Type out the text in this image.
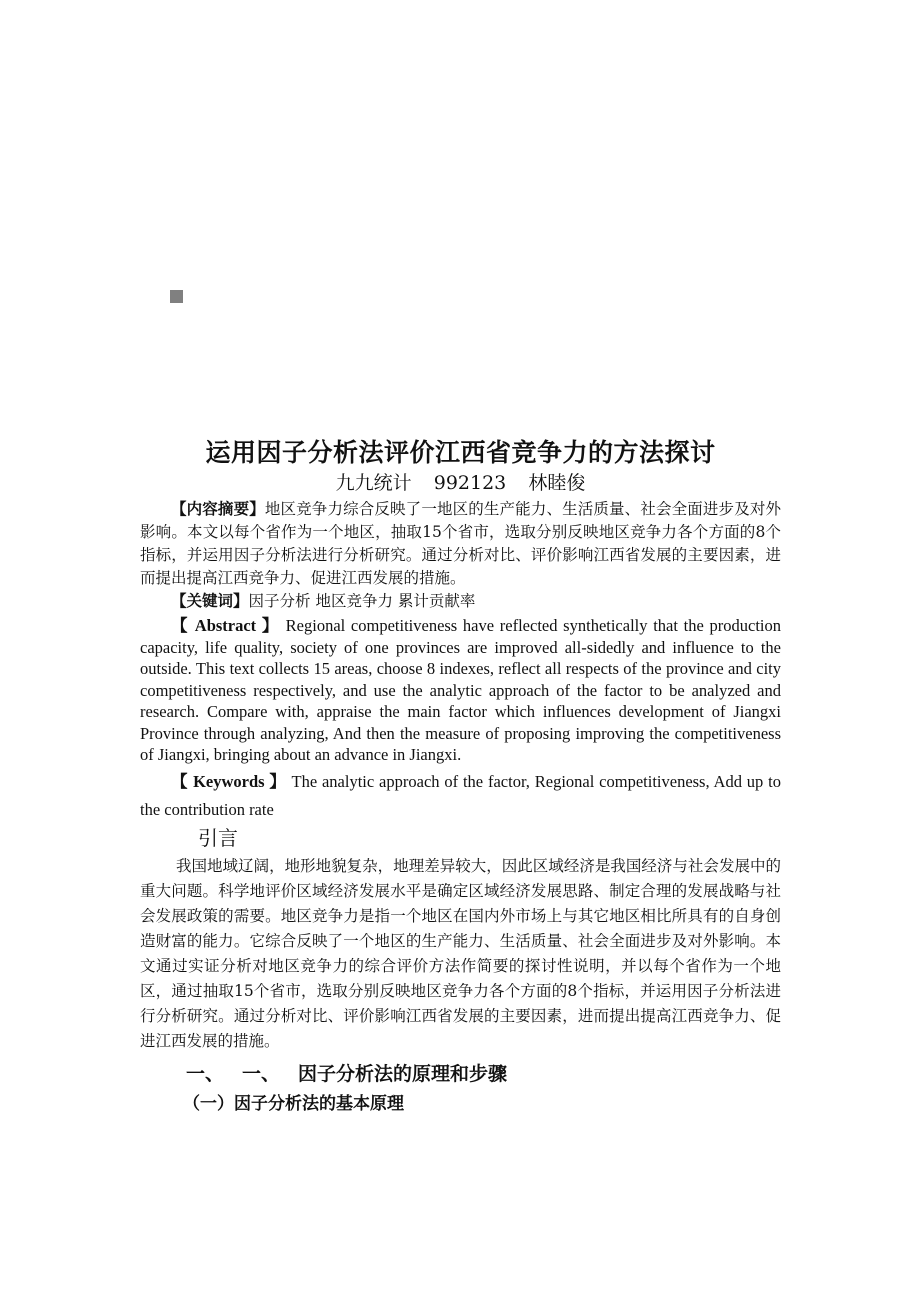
运用因子分析法评价江西省竞争力的方法探讨

九九统计 992123 林睦俊

【内容摘要】地区竞争力综合反映了一地区的生产能力、生活质量、社会全面进步及对外影响。本文以每个省作为一个地区，抽取15个省市，选取分别反映地区竞争力各个方面的8个指标，并运用因子分析法进行分析研究。通过分析对比、评价影响江西省发展的主要因素，进而提出提高江西竞争力、促进江西发展的措施。

【关键词】因子分析 地区竞争力 累计贡献率

【 Abstract 】 Regional competitiveness have reflected synthetically that the production capacity, life quality, society of one provinces are improved all-sidedly and influence to the outside. This text collects 15 areas, choose 8 indexes, reflect all respects of the province and city competitiveness respectively, and use the analytic approach of the factor to be analyzed and research. Compare with, appraise the main factor which influences development of Jiangxi Province through analyzing, And then the measure of proposing improving the competitiveness of Jiangxi, bringing about an advance in Jiangxi.

【 Keywords 】 The analytic approach of the factor, Regional competitiveness, Add up to the contribution rate

引言

我国地域辽阔，地形地貌复杂，地理差异较大，因此区域经济是我国经济与社会发展中的重大问题。科学地评价区域经济发展水平是确定区域经济发展思路、制定合理的发展战略与社会发展政策的需要。地区竞争力是指一个地区在国内外市场上与其它地区相比所具有的自身创造财富的能力。它综合反映了一个地区的生产能力、生活质量、社会全面进步及对外影响。本文通过实证分析对地区竞争力的综合评价方法作简要的探讨性说明，并以每个省作为一个地区，通过抽取15个省市，选取分别反映地区竞争力各个方面的8个指标，并运用因子分析法进行分析研究。通过分析对比、评价影响江西省发展的主要因素，进而提出提高江西竞争力、促进江西发展的措施。

一、 一、 因子分析法的原理和步骤
（一）因子分析法的基本原理
